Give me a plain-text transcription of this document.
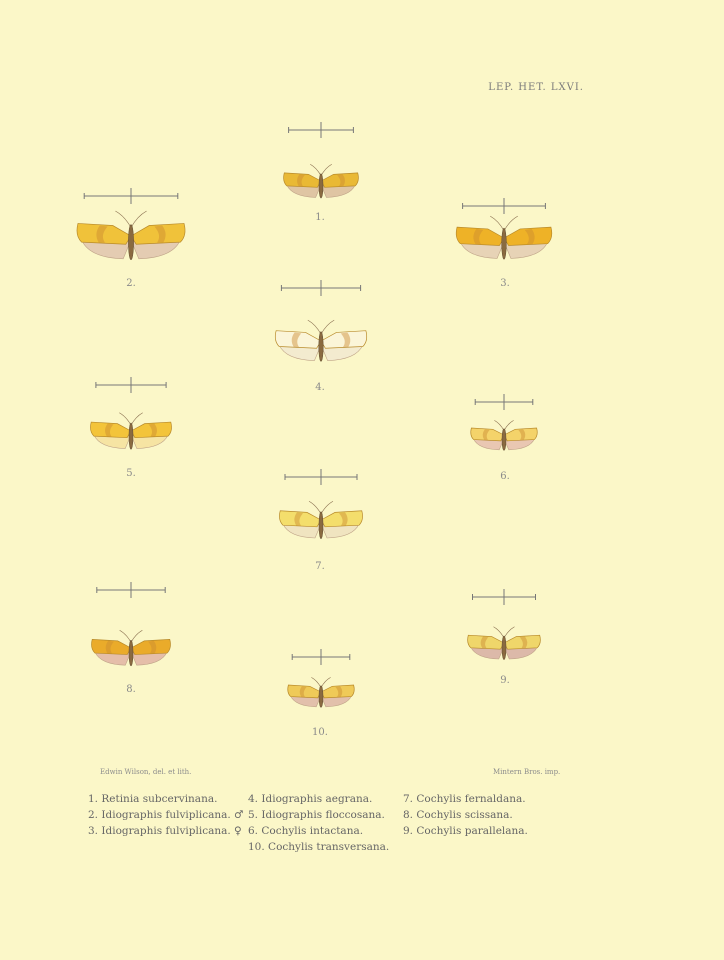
LEP. HET. LXVI.
1.
2.	3.
4.
5.	6.
7.
8.
9.
10.
Edwin Wilson, del. et lith.	Mintern Bros. imp.
1. Retinia subcervinana.
2. Idiographis fulviplicana. ♂
3. Idiographis fulviplicana. ♀
4. Idiographis aegrana.
5. Idiographis floccosana.
6. Cochylis intactana.
10. Cochylis transversana.
7. Cochylis fernaldana.
8. Cochylis scissana.
9. Cochylis parallelana.
